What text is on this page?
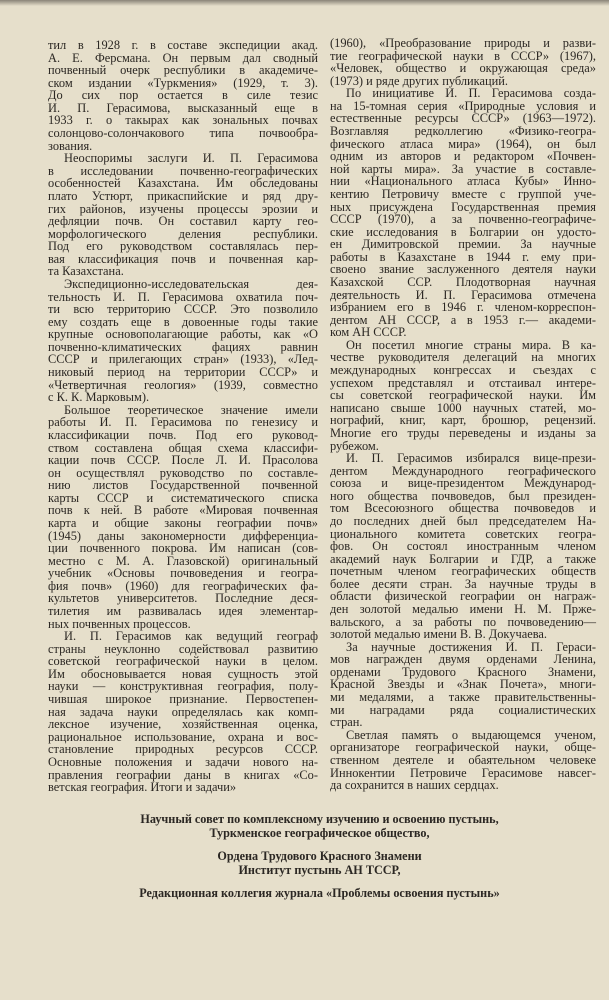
тил в 1928 г. в составе экспедиции акад.
А. Е. Ферсмана. Он первым дал сводный
почвенный очерк республики в академиче-
ском издании «Туркмения» (1929, т. 3).
До сих пор остается в силе тезис
И. П. Герасимова, высказанный еще в
1933 г. о такырах как зональных почвах
солонцово-солончакового типа почвообра-
зования.
Неоспоримы заслуги И. П. Герасимова
в исследовании почвенно-географических
особенностей Казахстана. Им обследованы
плато Устюрт, прикаспийские и ряд дру-
гих районов, изучены процессы эрозии и
дефляции почв. Он составил карту гео-
морфологического деления республики.
Под его руководством составлялась пер-
вая классификация почв и почвенная кар-
та Казахстана.
Экспедиционно-исследовательская дея-
тельность И. П. Герасимова охватила поч-
ти всю территорию СССР. Это позволило
ему создать еще в довоенные годы такие
крупные основополагающие работы, как «О
почвенно-климатических фациях равнин
СССР и прилегающих стран» (1933), «Лед-
никовый период на территории СССР» и
«Четвертичная геология» (1939, совместно
с К. К. Марковым).
Большое теоретическое значение имели
работы И. П. Герасимова по генезису и
классификации почв. Под его руковод-
ством составлена общая схема классифи-
кации почв СССР. После Л. И. Прасолова
он осуществлял руководство по составле-
нию листов Государственной почвенной
карты СССР и систематического списка
почв к ней. В работе «Мировая почвенная
карта и общие законы географии почв»
(1945) даны закономерности дифференциа-
ции почвенного покрова. Им написан (сов-
местно с М. А. Глазовской) оригинальный
учебник «Основы почвоведения и геогра-
фия почв» (1960) для географических фа-
культетов университетов. Последние деся-
тилетия им развивалась идея элементар-
ных почвенных процессов.
И. П. Герасимов как ведущий географ
страны неуклонно содействовал развитию
советской географической науки в целом.
Им обосновывается новая сущность этой
науки — конструктивная география, полу-
чившая широкое признание. Первостепен-
ная задача науки определялась как комп-
лексное изучение, хозяйственная оценка,
рациональное использование, охрана и вос-
становление природных ресурсов СССР.
Основные положения и задачи нового на-
правления географии даны в книгах «Со-
ветская география. Итоги и задачи»
(1960), «Преобразование природы и разви-
тие географической науки в СССР» (1967),
«Человек, общество и окружающая среда»
(1973) и ряде других публикаций.
По инициативе И. П. Герасимова созда-
на 15-томная серия «Природные условия и
естественные ресурсы СССР» (1963—1972).
Возглавляя редколлегию «Физико-геогра-
фического атласа мира» (1964), он был
одним из авторов и редактором «Почвен-
ной карты мира». За участие в составле-
нии «Национального атласа Кубы» Инно-
кентию Петровичу вместе с группой уче-
ных присуждена Государственная премия
СССР (1970), а за почвенно-географиче-
ские исследования в Болгарии он удосто-
ен Димитровской премии. За научные
работы в Казахстане в 1944 г. ему при-
своено звание заслуженного деятеля науки
Казахской ССР. Плодотворная научная
деятельность И. П. Герасимова отмечена
избранием его в 1946 г. членом-корреспон-
дентом АН СССР, а в 1953 г.— академи-
ком АН СССР.
Он посетил многие страны мира. В ка-
честве руководителя делегаций на многих
международных конгрессах и съездах с
успехом представлял и отстаивал интере-
сы советской географической науки. Им
написано свыше 1000 научных статей, мо-
нографий, книг, карт, брошюр, рецензий.
Многие его труды переведены и изданы за
рубежом.
И. П. Герасимов избирался вице-прези-
дентом Международного географического
союза и вице-президентом Международ-
ного общества почвоведов, был президен-
том Всесоюзного общества почвоведов и
до последних дней был председателем На-
ционального комитета советских геогра-
фов. Он состоял иностранным членом
академий наук Болгарии и ГДР, а также
почетным членом географических обществ
более десяти стран. За научные труды в
области физической географии он награж-
ден золотой медалью имени Н. М. Прже-
вальского, а за работы по почвоведению—
золотой медалью имени В. В. Докучаева.
За научные достижения И. П. Гераси-
мов награжден двумя орденами Ленина,
орденами Трудового Красного Знамени,
Красной Звезды и «Знак Почета», многи-
ми медалями, а также правительственны-
ми наградами ряда социалистических
стран.
Светлая память о выдающемся ученом,
организаторе географической науки, обще-
ственном деятеле и обаятельном человеке
Иннокентии Петровиче Герасимове навсег-
да сохранится в наших сердцах.
Научный совет по комплексному изучению и освоению пустынь,
Туркменское географическое общество,
Ордена Трудового Красного Знамени
Институт пустынь АН ТССР,
Редакционная коллегия журнала «Проблемы освоения пустынь»
